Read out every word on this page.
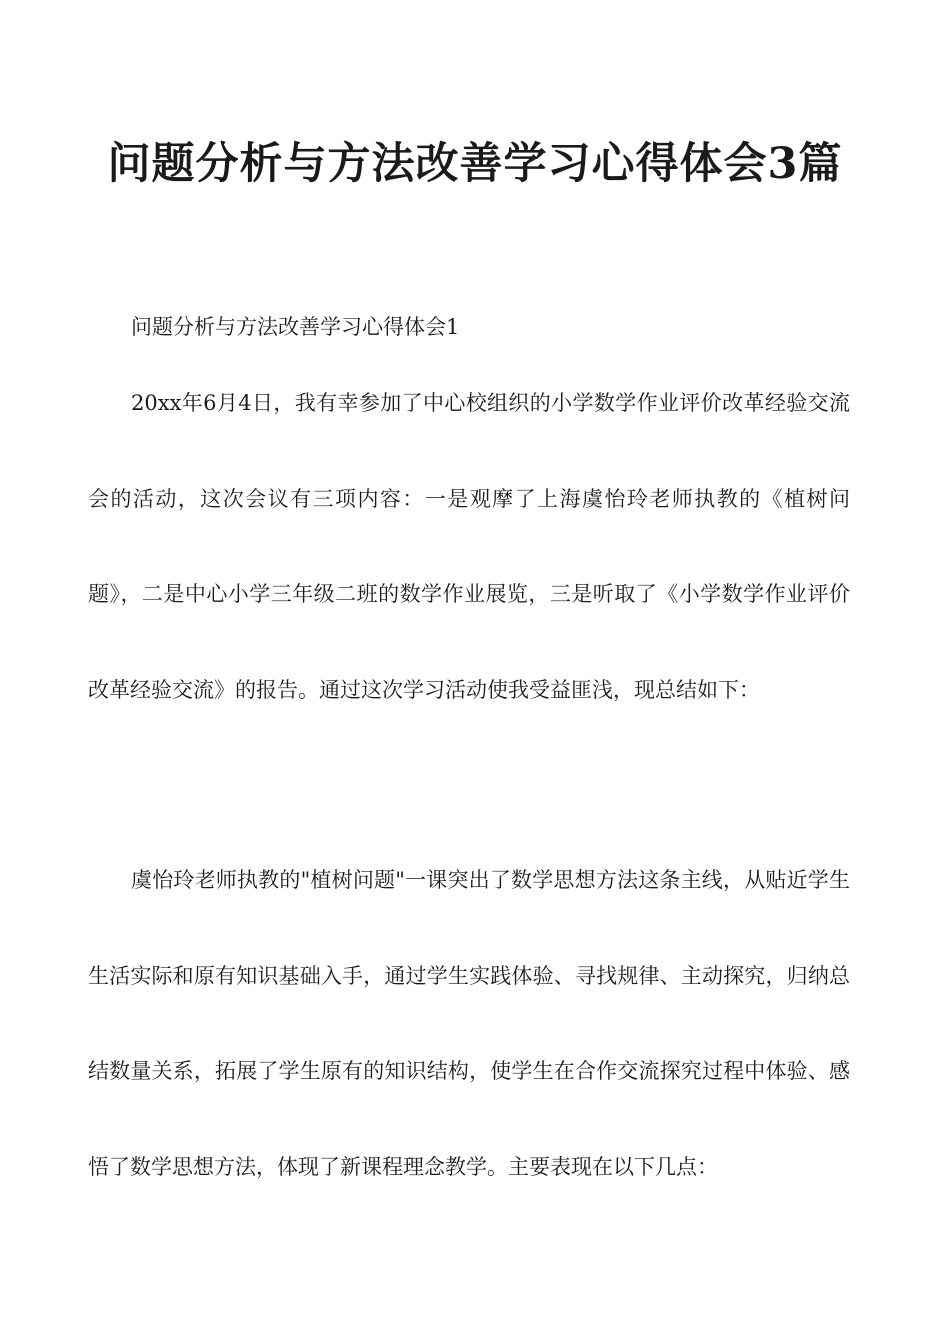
问题分析与方法改善学习心得体会3篇

问题分析与方法改善学习心得体会1

20xx年6月4日，我有幸参加了中心校组织的小学数学作业评价改革经验交流会的活动，这次会议有三项内容：一是观摩了上海虞怡玲老师执教的《植树问题》，二是中心小学三年级二班的数学作业展览，三是听取了《小学数学作业评价改革经验交流》的报告。通过这次学习活动使我受益匪浅，现总结如下：

虞怡玲老师执教的"植树问题"一课突出了数学思想方法这条主线，从贴近学生生活实际和原有知识基础入手，通过学生实践体验、寻找规律、主动探究，归纳总结数量关系，拓展了学生原有的知识结构，使学生在合作交流探究过程中体验、感悟了数学思想方法，体现了新课程理念教学。主要表现在以下几点：
